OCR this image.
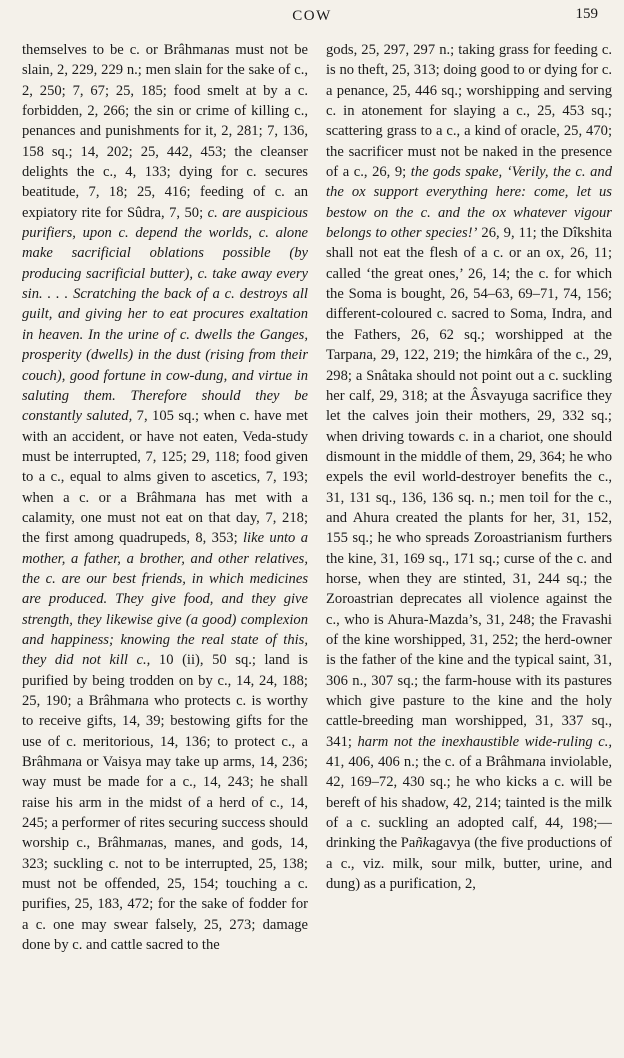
COW	159

themselves to be c. or Brâhmanas must not be slain, 2, 229, 229 n.; men slain for the sake of c., 2, 250; 7, 67; 25, 185; food smelt at by a c. forbidden, 2, 266; the sin or crime of killing c., penances and punishments for it, 2, 281; 7, 136, 158 sq.; 14, 202; 25, 442, 453; the cleanser delights the c., 4, 133; dying for c. secures beatitude, 7, 18; 25, 416; feeding of c. an expiatory rite for Sûdra, 7, 50; c. are auspicious purifiers, upon c. depend the worlds, c. alone make sacrificial oblations possible (by producing sacrificial butter), c. take away every sin. . . . Scratching the back of a c. destroys all guilt, and giving her to eat procures exaltation in heaven. In the urine of c. dwells the Ganges, prosperity (dwells) in the dust (rising from their couch), good fortune in cow-dung, and virtue in saluting them. Therefore should they be constantly saluted, 7, 105 sq.; when c. have met with an accident, or have not eaten, Veda-study must be interrupted, 7, 125; 29, 118; food given to a c., equal to alms given to ascetics, 7, 193; when a c. or a Brâhmana has met with a calamity, one must not eat on that day, 7, 218; the first among quadrupeds, 8, 353; like unto a mother, a father, a brother, and other relatives, the c. are our best friends, in which medicines are produced. They give food, and they give strength, they likewise give (a good) complexion and happiness; knowing the real state of this, they did not kill c., 10 (ii), 50 sq.; land is purified by being trodden on by c., 14, 24, 188; 25, 190; a Brâhmana who protects c. is worthy to receive gifts, 14, 39; bestowing gifts for the use of c. meritorious, 14, 136; to protect c., a Brâhmana or Vaisya may take up arms, 14, 236; way must be made for a c., 14, 243; he shall raise his arm in the midst of a herd of c., 14, 245; a performer of rites securing success should worship c., Brâhmanas, manes, and gods, 14, 323; suckling c. not to be interrupted, 25, 138; must not be offended, 25, 154; touching a c. purifies, 25, 183, 472; for the sake of fodder for a c. one may swear falsely, 25, 273; damage done by c. and cattle sacred to the

gods, 25, 297, 297 n.; taking grass for feeding c. is no theft, 25, 313; doing good to or dying for c. a penance, 25, 446 sq.; worshipping and serving c. in atonement for slaying a c., 25, 453 sq.; scattering grass to a c., a kind of oracle, 25, 470; the sacrificer must not be naked in the presence of a c., 26, 9; the gods spake, ‘Verily, the c. and the ox support everything here: come, let us bestow on the c. and the ox whatever vigour belongs to other species!’ 26, 9, 11; the Dîkshita shall not eat the flesh of a c. or an ox, 26, 11; called ‘the great ones,’ 26, 14; the c. for which the Soma is bought, 26, 54–63, 69–71, 74, 156; different-coloured c. sacred to Soma, Indra, and the Fathers, 26, 62 sq.; worshipped at the Tarpana, 29, 122, 219; the himkâra of the c., 29, 298; a Snâtaka should not point out a c. suckling her calf, 29, 318; at the Âsvayuga sacrifice they let the calves join their mothers, 29, 332 sq.; when driving towards c. in a chariot, one should dismount in the middle of them, 29, 364; he who expels the evil world-destroyer benefits the c., 31, 131 sq., 136, 136 sq. n.; men toil for the c., and Ahura created the plants for her, 31, 152, 155 sq.; he who spreads Zoroastrianism furthers the kine, 31, 169 sq., 171 sq.; curse of the c. and horse, when they are stinted, 31, 244 sq.; the Zoroastrian deprecates all violence against the c., who is Ahura-Mazda’s, 31, 248; the Fravashi of the kine worshipped, 31, 252; the herd-owner is the father of the kine and the typical saint, 31, 306 n., 307 sq.; the farm-house with its pastures which give pasture to the kine and the holy cattle-breeding man worshipped, 31, 337 sq., 341; harm not the inexhaustible wide-ruling c., 41, 406, 406 n.; the c. of a Brâhmana inviolable, 42, 169–72, 430 sq.; he who kicks a c. will be bereft of his shadow, 42, 214; tainted is the milk of a c. suckling an adopted calf, 44, 198;—drinking the Pañkagavya (the five productions of a c., viz. milk, sour milk, butter, urine, and dung) as a purification, 2,
